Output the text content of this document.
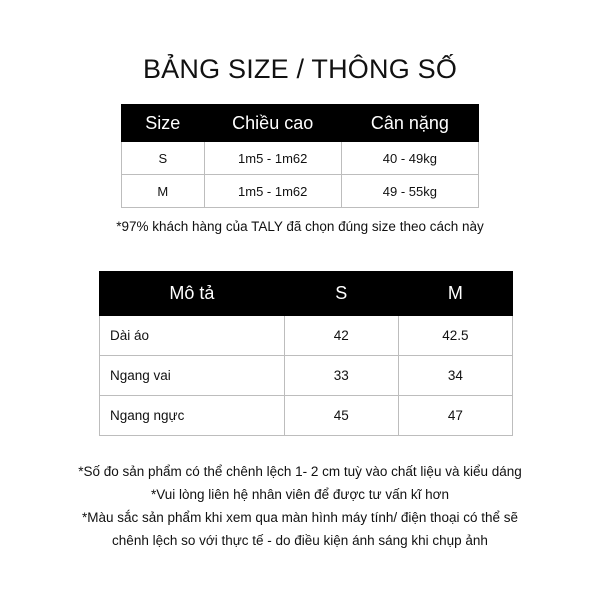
BẢNG SIZE / THÔNG SỐ
Size	Chiều cao	Cân nặng
S	1m5 - 1m62	40 - 49kg
M	1m5 - 1m62	49 - 55kg
*97% khách hàng của TALY đã chọn đúng size theo cách này
Mô tả	S	M
Dài áo	42	42.5
Ngang vai	33	34
Ngang ngực	45	47
*Số đo sản phẩm có thể chênh lệch 1- 2 cm tuỳ vào chất liệu và kiểu dáng
*Vui lòng liên hệ nhân viên để được tư vấn kĩ hơn
*Màu sắc sản phẩm khi xem qua màn hình máy tính/ điện thoại có thể sẽ
chênh lệch so với thực tế - do điều kiện ánh sáng khi chụp ảnh
